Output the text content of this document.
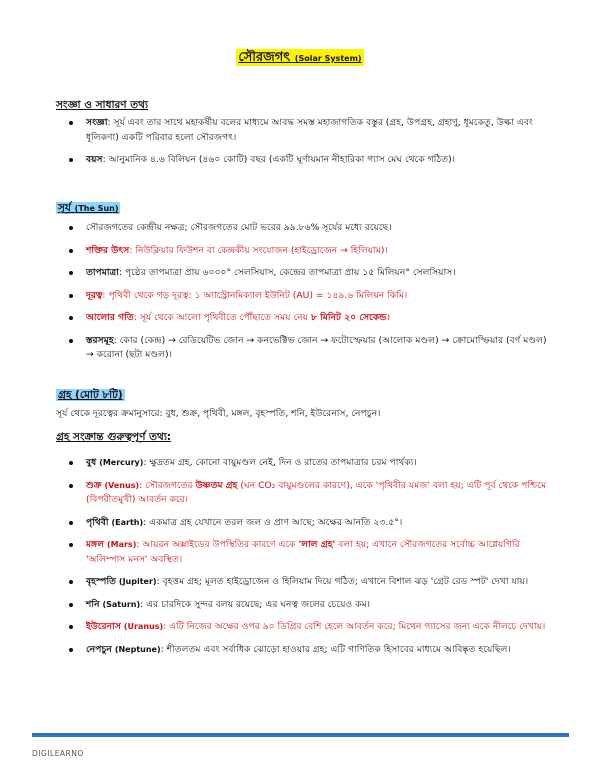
সৌরজগৎ (Solar System)
সংজ্ঞা ও সাধারণ তথ্য
সংজ্ঞা: সূর্য এবং তার সাথে মহাকর্ষীয় বলের মাধ্যমে আবদ্ধ সমস্ত মহাজাগতিক বস্তুর (গ্রহ, উপগ্রহ, গ্রহাণু, ধূমকেতু, উল্কা এবং ধূলিকণা) একটি পরিবার হলো সৌরজগৎ।
বয়স: আনুমানিক ৪.৬ বিলিয়ন (৪৬০ কোটি) বছর (একটি ঘূর্ণায়মান নীহারিকা গ্যাস মেঘ থেকে গঠিত)।
সূর্য (The Sun)
সৌরজগতের কেন্দ্রীয় নক্ষত্র; সৌরজগতের মোট ভরের ৯৯.৮৬% সূর্যের মধ্যে রয়েছে।
শক্তির উৎস: নিউক্লিয়ার ফিউশন বা কেন্দ্রকীয় সংযোজন (হাইড্রোজেন → হিলিয়াম)।
তাপমাত্রা: পৃষ্ঠের তাপমাত্রা প্রায় ৬০০০° সেলসিয়াস, কেন্দ্রের তাপমাত্রা প্রায় ১৫ মিলিয়ন° সেলসিয়াস।
দূরত্ব: পৃথিবী থেকে গড় দূরত্ব: ১ অ্যাস্ট্রোনমিক্যাল ইউনিট (AU) = ১৪৯.৬ মিলিয়ন কিমি।
আলোর গতি: সূর্য থেকে আলো পৃথিবীতে পৌঁছাতে সময় নেয় ৮ মিনিট ২০ সেকেন্ড।
স্তরসমূহ: কোর (কেন্দ্র) → রেডিয়েটিভ জোন → কনভেক্টিভ জোন → ফটোস্ফেয়ার (আলোক মণ্ডল) → ক্রোমোস্ফিয়ার (বর্ণ মণ্ডল) → করোনা (ছটা মণ্ডল)।
গ্রহ (মোট ৮টি)
সূর্য থেকে দূরত্বের ক্রমানুসারে: বুধ, শুক্র, পৃথিবী, মঙ্গল, বৃহস্পতি, শনি, ইউরেনাস, নেপচুন।
গ্রহ সংক্রান্ত গুরুত্বপূর্ণ তথ্য:
বুধ (Mercury): ক্ষুদ্রতম গ্রহ, কোনো বায়ুমণ্ডল নেই, দিন ও রাতের তাপমাত্রার চরম পার্থক্য।
শুক্র (Venus): সৌরজগতের উষ্ণতম গ্রহ (ঘন CO₂ বায়ুমণ্ডলের কারণে), একে 'পৃথিবীর যমজ' বলা হয়; এটি পূর্ব থেকে পশ্চিমে (বিপরীতমুখী) আবর্তন করে।
পৃথিবী (Earth): একমাত্র গ্রহ যেখানে তরল জল ও প্রাণ আছে; অক্ষের আনতি ২৩.৫°।
মঙ্গল (Mars): আয়রন অক্সাইডের উপস্থিতির কারণে একে 'লাল গ্রহ' বলা হয়; এখানে সৌরজগতের সর্বোচ্চ আগ্নেয়গিরি 'অলিম্পাস মনস' অবস্থিত।
বৃহস্পতি (Jupiter): বৃহত্তম গ্রহ; মূলত হাইড্রোজেন ও হিলিয়াম দিয়ে গঠিত; এখানে বিশাল ঝড় 'গ্রেট রেড স্পট' দেখা যায়।
শনি (Saturn): এর চারদিকে সুন্দর বলয় রয়েছে; এর ঘনত্ব জলের চেয়েও কম।
ইউরেনাস (Uranus): এটি নিজের অক্ষের ওপর ৯০ ডিগ্রির বেশি হেলে আবর্তন করে; মিথেন গ্যাসের জন্য একে নীলচে দেখায়।
নেপচুন (Neptune): শীতলতম এবং সর্বাধিক ঝোড়ো হাওয়ার গ্রহ; এটি গাণিতিক হিসাবের মাধ্যমে আবিষ্কৃত হয়েছিল।
DIGILEARNO
